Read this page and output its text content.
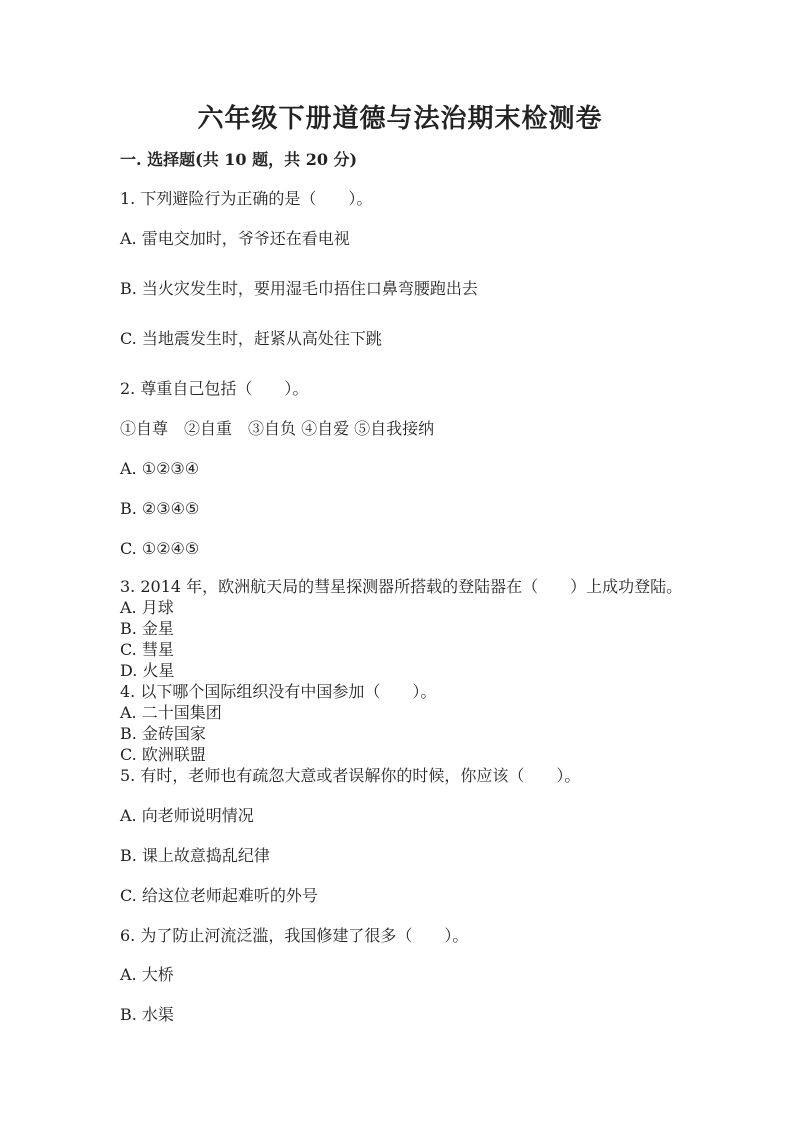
六年级下册道德与法治期末检测卷
一. 选择题(共 10 题，共 20 分)
1. 下列避险行为正确的是（　　）。
A. 雷电交加时，爷爷还在看电视
B. 当火灾发生时，要用湿毛巾捂住口鼻弯腰跑出去
C. 当地震发生时，赶紧从高处往下跳
2. 尊重自己包括（　　）。
①自尊　②自重　③自负 ④自爱 ⑤自我接纳
A. ①②③④
B. ②③④⑤
C. ①②④⑤
3. 2014 年，欧洲航天局的彗星探测器所搭载的登陆器在（　　）上成功登陆。
A. 月球
B. 金星
C. 彗星
D. 火星
4. 以下哪个国际组织没有中国参加（　　）。
A. 二十国集团
B. 金砖国家
C. 欧洲联盟
5. 有时，老师也有疏忽大意或者误解你的时候，你应该（　　）。
A. 向老师说明情况
B. 课上故意捣乱纪律
C. 给这位老师起难听的外号
6. 为了防止河流泛滥，我国修建了很多（　　）。
A. 大桥
B. 水渠
